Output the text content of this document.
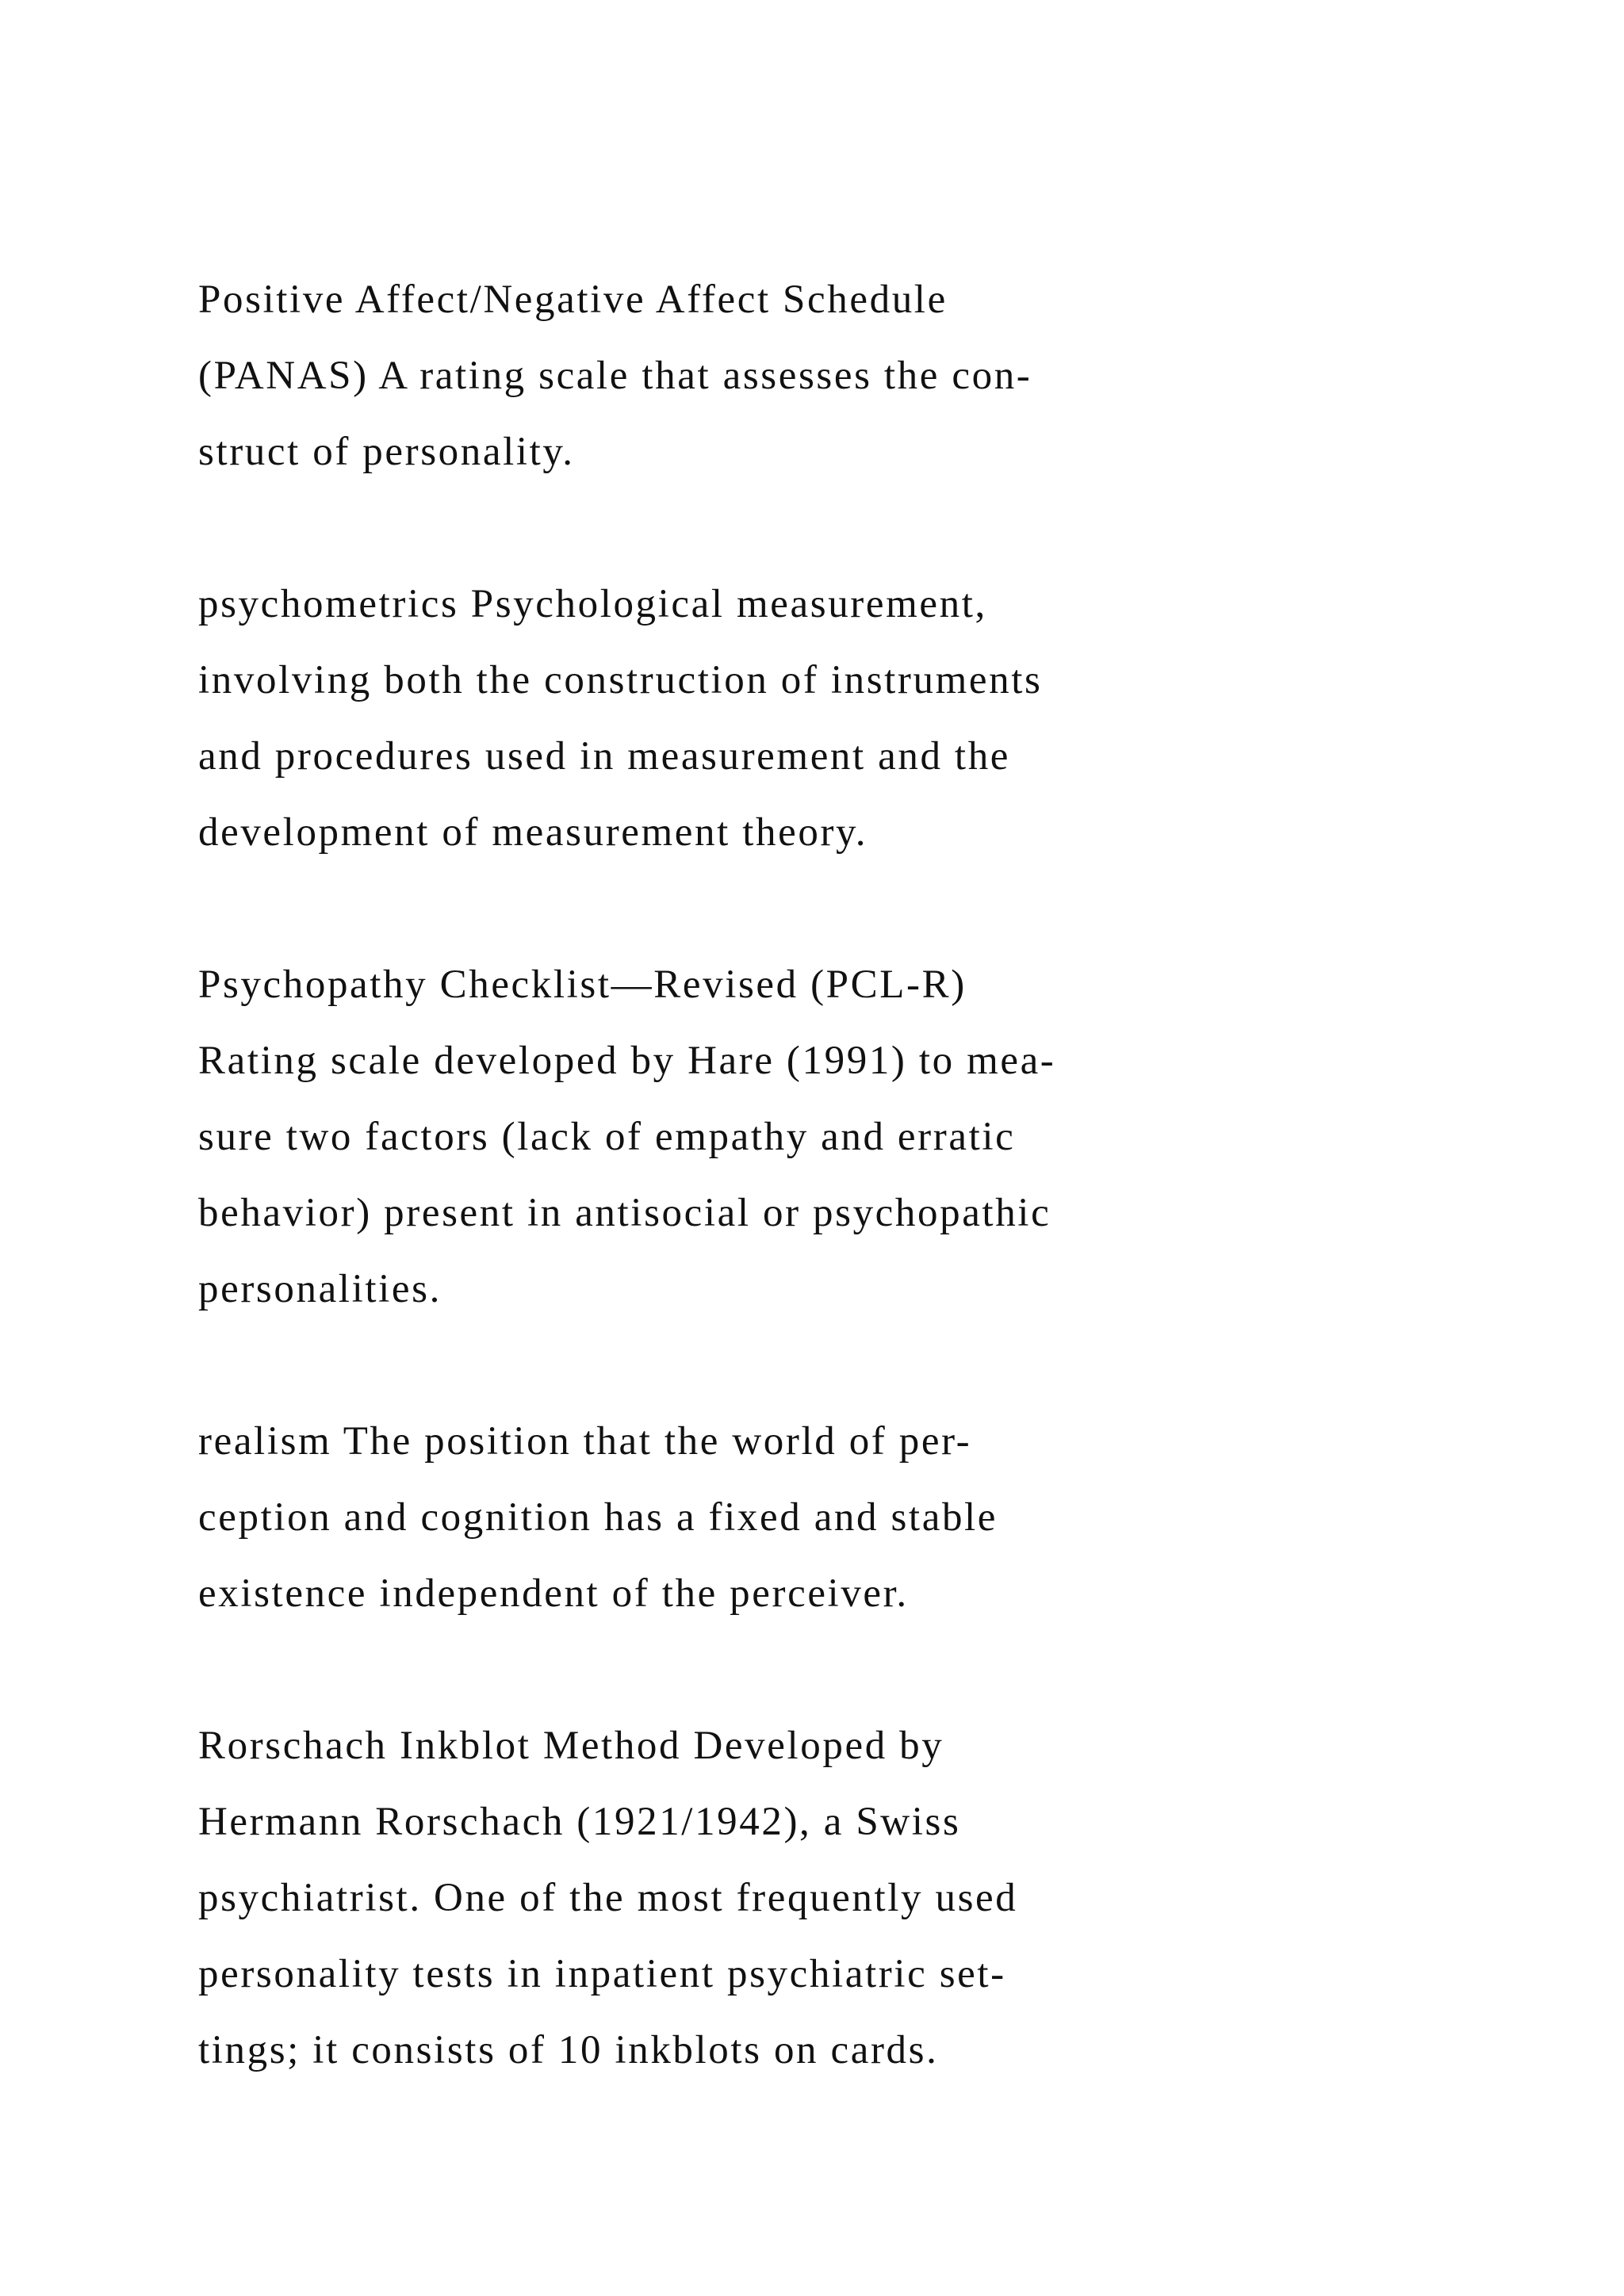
Positive Affect/Negative Affect Schedule
(PANAS) A rating scale that assesses the con-
struct of personality.
psychometrics Psychological measurement,
involving both the construction of instruments
and procedures used in measurement and the
development of measurement theory.
Psychopathy Checklist—Revised (PCL-R)
Rating scale developed by Hare (1991) to mea-
sure two factors (lack of empathy and erratic
behavior) present in antisocial or psychopathic
personalities.
realism The position that the world of per-
ception and cognition has a fixed and stable
existence independent of the perceiver.
Rorschach Inkblot Method Developed by
Hermann Rorschach (1921/1942), a Swiss
psychiatrist. One of the most frequently used
personality tests in inpatient psychiatric set-
tings; it consists of 10 inkblots on cards.
